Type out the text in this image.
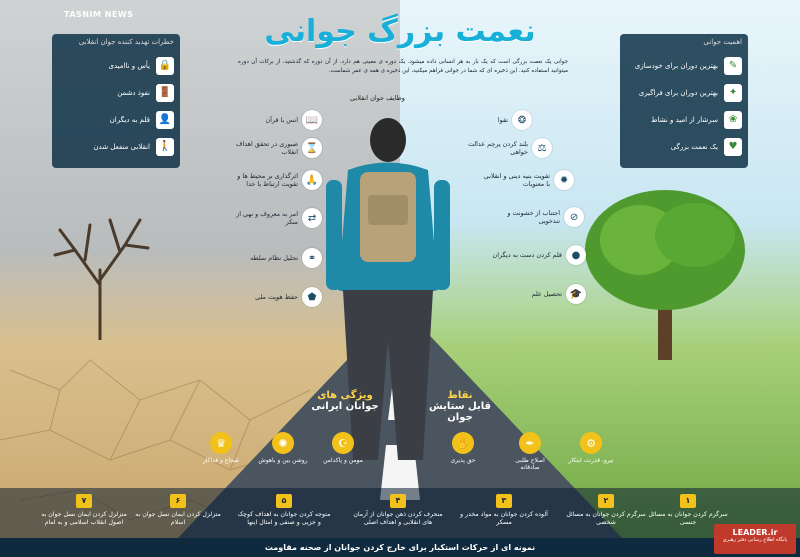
TASNIM NEWS	نعمت بزرگ جوانی
جوانی یک نعمت بزرگی است که یک بار به هر انسانی داده میشود. یک دوره ی معینی هم دارد. از آن دوره که گذشتید، از برکات آن دوره میتوانید استفاده کنید. این ذخیره ای که شما در جوانی فراهم میکنید، این ذخیره ی همه ی عمر شماست.
خطرات تهدید کننده جوان انقلابی
🔒
یأس و ناامیدی
🚪
نفوذ دشمن
👤
قلم به دیگران
🚶
انقلابی منفعل شدن
اهمیت جوانی
✎
بهترین دوران برای خودسازی
✦
بهترین دوران برای فراگیری
❀
سرشار از امید و نشاط
♥
یک نعمت بزرگی
وظایف جوان انقلابی
📖
انس با قرآن
⌛
صبوری در تحقق اهداف انقلاب
🙏
اثرگذاری بر محیط ها و تقویت ارتباط با خدا
⇄
امر به معروف و نهی از منکر
⚭
تحلیل نظام سلطه
⬟
حفظ هویت ملی
❂
تقوا
⚖
بلند کردن پرچم عدالت خواهی
✹
تقویت بنیه دینی و انقلابی با معنویات
⊘
اجتناب از خشونت و تندخویی
●
قلم کردن دست به دیگران
🎓
تحصیل علم
ویژگی های
جوانان ایرانی
نقاط
قابل ستایش جوان
♛
شجاع و فداکار
✺
روشن بین و باهوش
☪
مومن و پاکدامن
✋
حق پذیری
✒
اصلاح طلبی صادقانه
⚙
نیرو، قدرت، ابتکار
۱
سرگرم کردن جوانان به مسائل جنسی
۲
سرگرم کردن جوانان به مسائل شخصی
۳
آلوده کردن جوانان به مواد مخدر و مسکر
۴
منحرف کردن ذهن جوانان از آرمان های انقلابی و اهداف اصلی
۵
متوجه کردن جوانان به اهداف کوچک و جزیی و صنفی و امثال اینها
۶
متزلزل کردن ایمان نسل جوان به اسلام
۷
متزلزل کردن ایمان نسل جوان به اصول انقلاب اسلامی و به امام
نمونه ای از حرکات استکبار برای خارج کردن جوانان از صحنه مقاومت
LEADER.ir
پایگاه اطلاع رسانی دفتر رهبری
